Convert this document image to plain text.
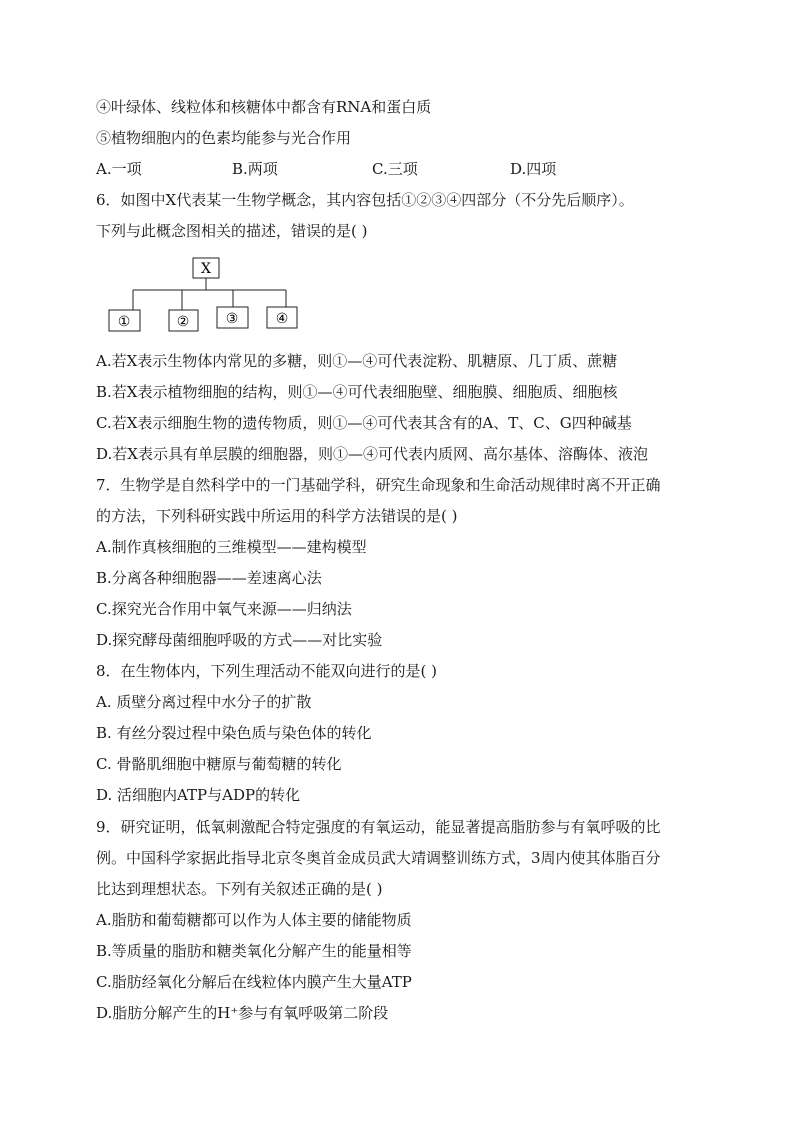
④叶绿体、线粒体和核糖体中都含有RNA和蛋白质
⑤植物细胞内的色素均能参与光合作用
A.一项	B.两项	C.三项	D.四项
6．如图中X代表某一生物学概念，其内容包括①②③④四部分（不分先后顺序）。
下列与此概念图相关的描述，错误的是( )
X
①	②	③	④
A.若X表示生物体内常见的多糖，则①—④可代表淀粉、肌糖原、几丁质、蔗糖
B.若X表示植物细胞的结构，则①—④可代表细胞壁、细胞膜、细胞质、细胞核
C.若X表示细胞生物的遗传物质，则①—④可代表其含有的A、T、C、G四种碱基
D.若X表示具有单层膜的细胞器，则①—④可代表内质网、高尔基体、溶酶体、液泡
7．生物学是自然科学中的一门基础学科，研究生命现象和生命活动规律时离不开正确
的方法，下列科研实践中所运用的科学方法错误的是( )
A.制作真核细胞的三维模型——建构模型
B.分离各种细胞器——差速离心法
C.探究光合作用中氧气来源——归纳法
D.探究酵母菌细胞呼吸的方式——对比实验
8．在生物体内，下列生理活动不能双向进行的是( )
A. 质壁分离过程中水分子的扩散
B. 有丝分裂过程中染色质与染色体的转化
C. 骨骼肌细胞中糖原与葡萄糖的转化
D. 活细胞内ATP与ADP的转化
9．研究证明，低氧刺激配合特定强度的有氧运动，能显著提高脂肪参与有氧呼吸的比
例。中国科学家据此指导北京冬奥首金成员武大靖调整训练方式，3周内使其体脂百分
比达到理想状态。下列有关叙述正确的是( )
A.脂肪和葡萄糖都可以作为人体主要的储能物质
B.等质量的脂肪和糖类氧化分解产生的能量相等
C.脂肪经氧化分解后在线粒体内膜产生大量ATP
D.脂肪分解产生的H⁺参与有氧呼吸第二阶段
